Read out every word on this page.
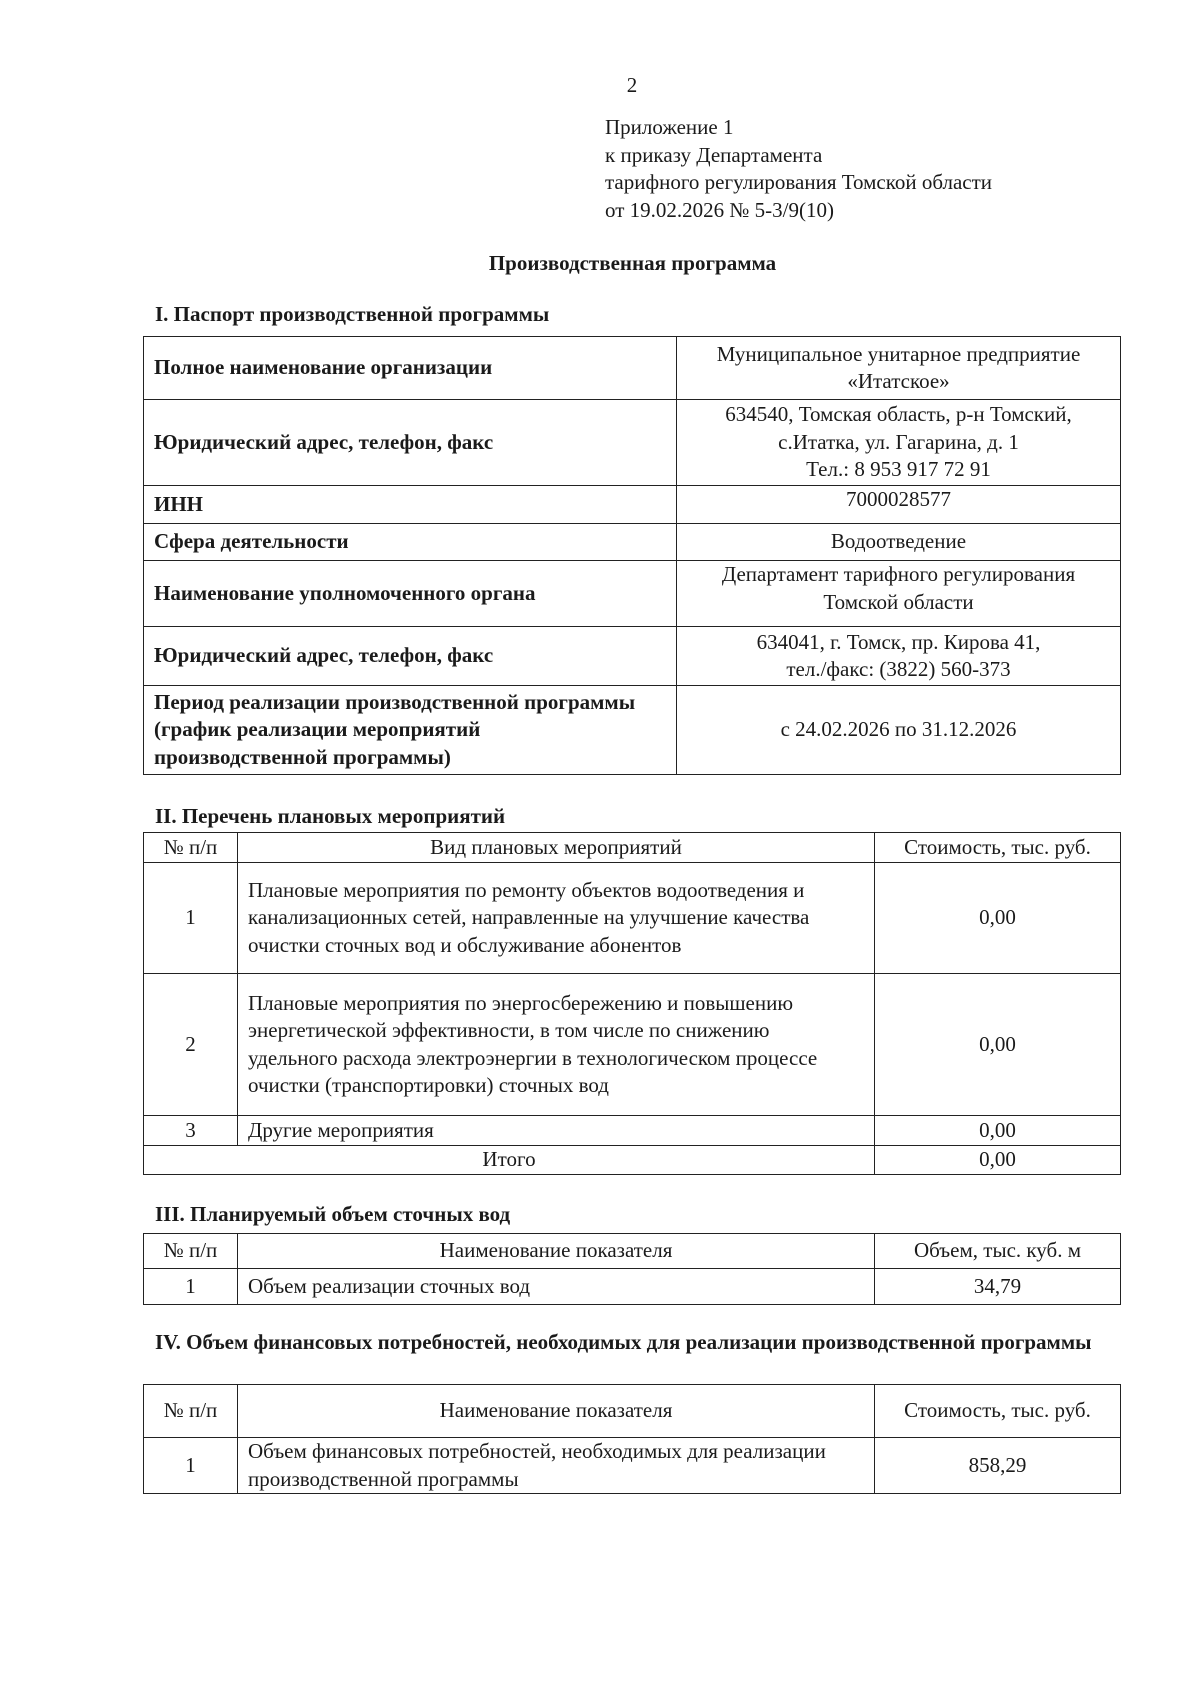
2
Приложение 1
к приказу Департамента
тарифного регулирования Томской области
от 19.02.2026 № 5-3/9(10)
Производственная программа
I. Паспорт производственной программы
Полное наименование организации	Муниципальное унитарное предприятие
«Итатское»

Юридический адрес, телефон, факс	634540, Томская область, р-н Томский,
с.Итатка, ул. Гагарина, д. 1
Тел.: 8 953 917 72 91

ИНН	7000028577
Сфера деятельности	Водоотведение
Наименование уполномоченного органа	Департамент тарифного регулирования
Томской области

Юридический адрес, телефон, факс	634041, г. Томск, пр. Кирова 41,
тел./факс: (3822) 560-373

Период реализации производственной программы (график реализации мероприятий производственной программы)	с 24.02.2026 по 31.12.2026
II. Перечень плановых мероприятий
№ п/п	Вид плановых мероприятий	Стоимость, тыс. руб.
1	Плановые мероприятия по ремонту объектов водоотведения и канализационных сетей, направленные на улучшение качества очистки сточных вод и обслуживание абонентов	0,00
2	Плановые мероприятия по энергосбережению и повышению энергетической эффективности, в том числе по снижению удельного расхода электроэнергии в технологическом процессе очистки (транспортировки) сточных вод	0,00
3	Другие мероприятия	0,00
Итого		0,00
III. Планируемый объем сточных вод
№ п/п	Наименование показателя	Объем, тыс. куб. м
1	Объем реализации сточных вод	34,79
IV. Объем финансовых потребностей, необходимых для реализации производственной программы
№ п/п	Наименование показателя	Стоимость, тыс. руб.
1	Объем финансовых потребностей, необходимых для реализации производственной программы	858,29
